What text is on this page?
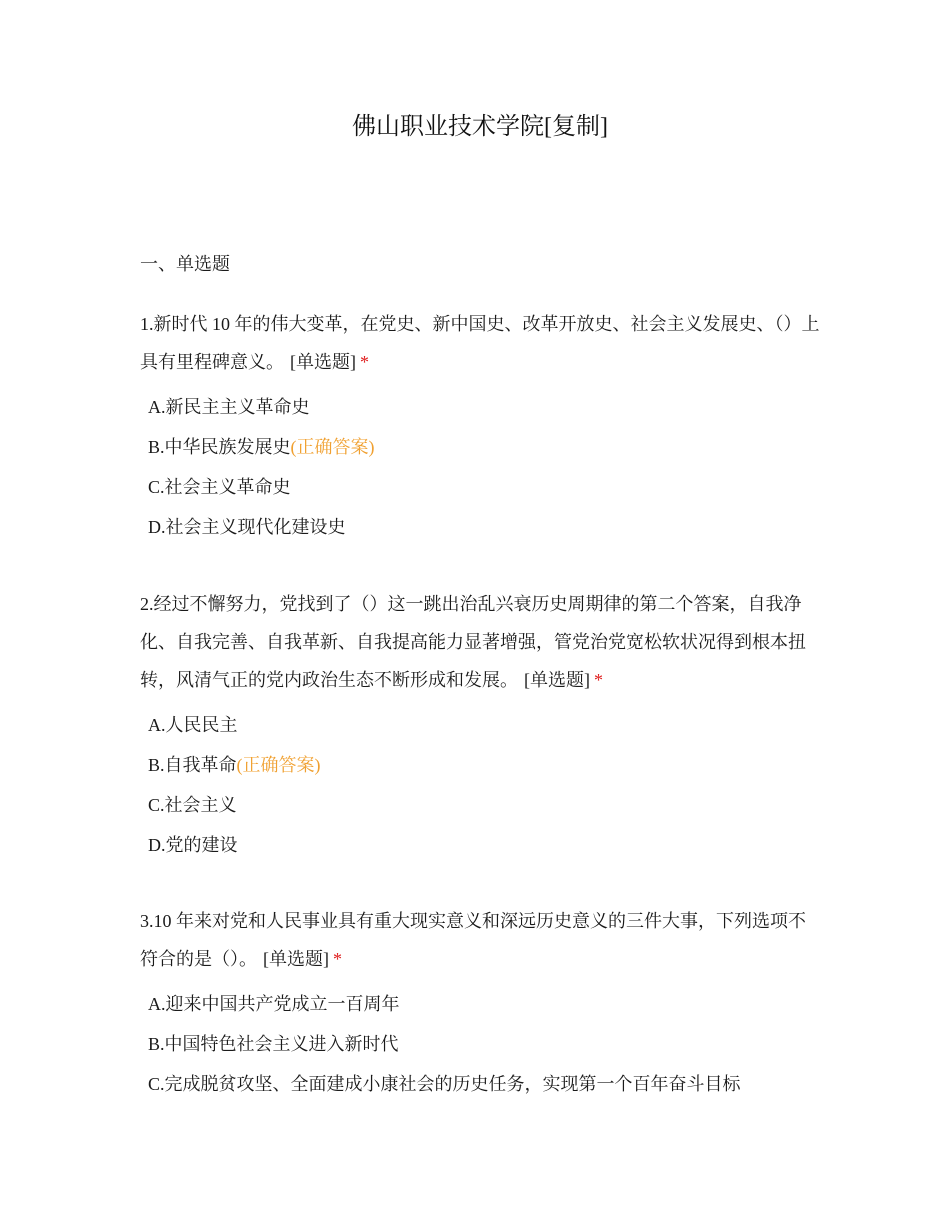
佛山职业技术学院[复制]
一、单选题
1.新时代 10 年的伟大变革，在党史、新中国史、改革开放史、社会主义发展史、（）上具有里程碑意义。 [单选题] *
A.新民主主义革命史
B.中华民族发展史(正确答案)
C.社会主义革命史
D.社会主义现代化建设史
2.经过不懈努力，党找到了（）这一跳出治乱兴衰历史周期律的第二个答案，自我净化、自我完善、自我革新、自我提高能力显著增强，管党治党宽松软状况得到根本扭转，风清气正的党内政治生态不断形成和发展。 [单选题] *
A.人民民主
B.自我革命(正确答案)
C.社会主义
D.党的建设
3.10 年来对党和人民事业具有重大现实意义和深远历史意义的三件大事，下列选项不符合的是（）。 [单选题] *
A.迎来中国共产党成立一百周年
B.中国特色社会主义进入新时代
C.完成脱贫攻坚、全面建成小康社会的历史任务，实现第一个百年奋斗目标
